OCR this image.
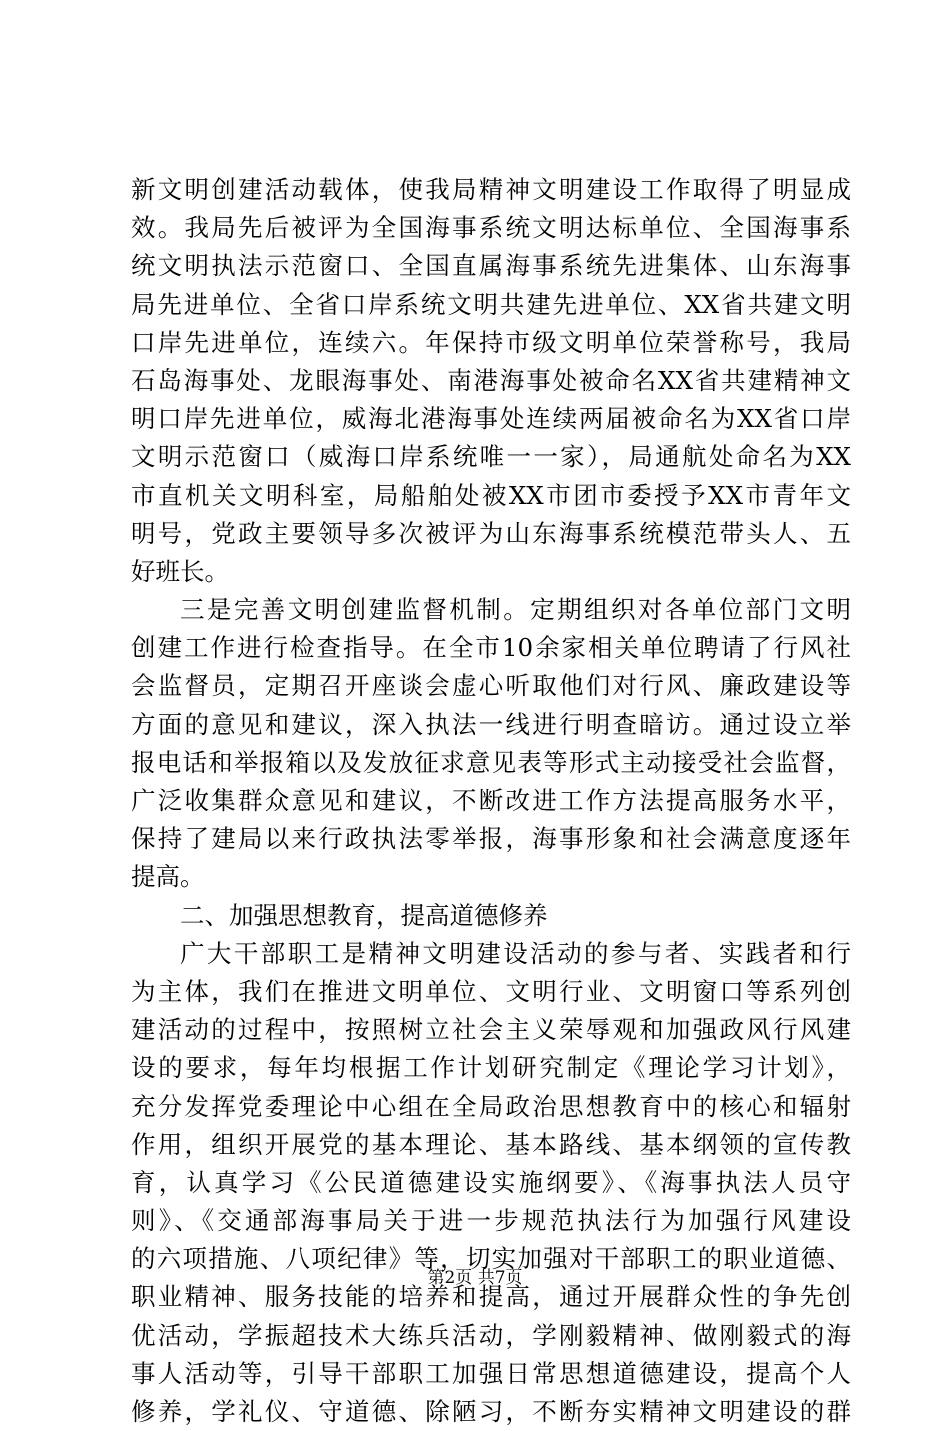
新文明创建活动载体，使我局精神文明建设工作取得了明显成
效。我局先后被评为全国海事系统文明达标单位、全国海事系
统文明执法示范窗口、全国直属海事系统先进集体、山东海事
局先进单位、全省口岸系统文明共建先进单位、XX省共建文明
口岸先进单位，连续六。年保持市级文明单位荣誉称号，我局
石岛海事处、龙眼海事处、南港海事处被命名XX省共建精神文
明口岸先进单位，威海北港海事处连续两届被命名为XX省口岸
文明示范窗口（威海口岸系统唯一一家），局通航处命名为XX
市直机关文明科室，局船舶处被XX市团市委授予XX市青年文
明号，党政主要领导多次被评为山东海事系统模范带头人、五
好班长。
三是完善文明创建监督机制。定期组织对各单位部门文明
创建工作进行检查指导。在全市10余家相关单位聘请了行风社
会监督员，定期召开座谈会虚心听取他们对行风、廉政建设等
方面的意见和建议，深入执法一线进行明查暗访。通过设立举
报电话和举报箱以及发放征求意见表等形式主动接受社会监督，
广泛收集群众意见和建议，不断改进工作方法提高服务水平，
保持了建局以来行政执法零举报，海事形象和社会满意度逐年
提高。
二、加强思想教育，提高道德修养
广大干部职工是精神文明建设活动的参与者、实践者和行
为主体，我们在推进文明单位、文明行业、文明窗口等系列创
建活动的过程中，按照树立社会主义荣辱观和加强政风行风建
设的要求，每年均根据工作计划研究制定《理论学习计划》，
充分发挥党委理论中心组在全局政治思想教育中的核心和辐射
作用，组织开展党的基本理论、基本路线、基本纲领的宣传教
育，认真学习《公民道德建设实施纲要》、《海事执法人员守
则》、《交通部海事局关于进一步规范执法行为加强行风建设
的六项措施、八项纪律》等，切实加强对干部职工的职业道德、
职业精神、服务技能的培养和提高，通过开展群众性的争先创
优活动，学振超技术大练兵活动，学刚毅精神、做刚毅式的海
事人活动等，引导干部职工加强日常思想道德建设，提高个人
修养，学礼仪、守道德、除陋习，不断夯实精神文明建设的群
第2页 共7页
